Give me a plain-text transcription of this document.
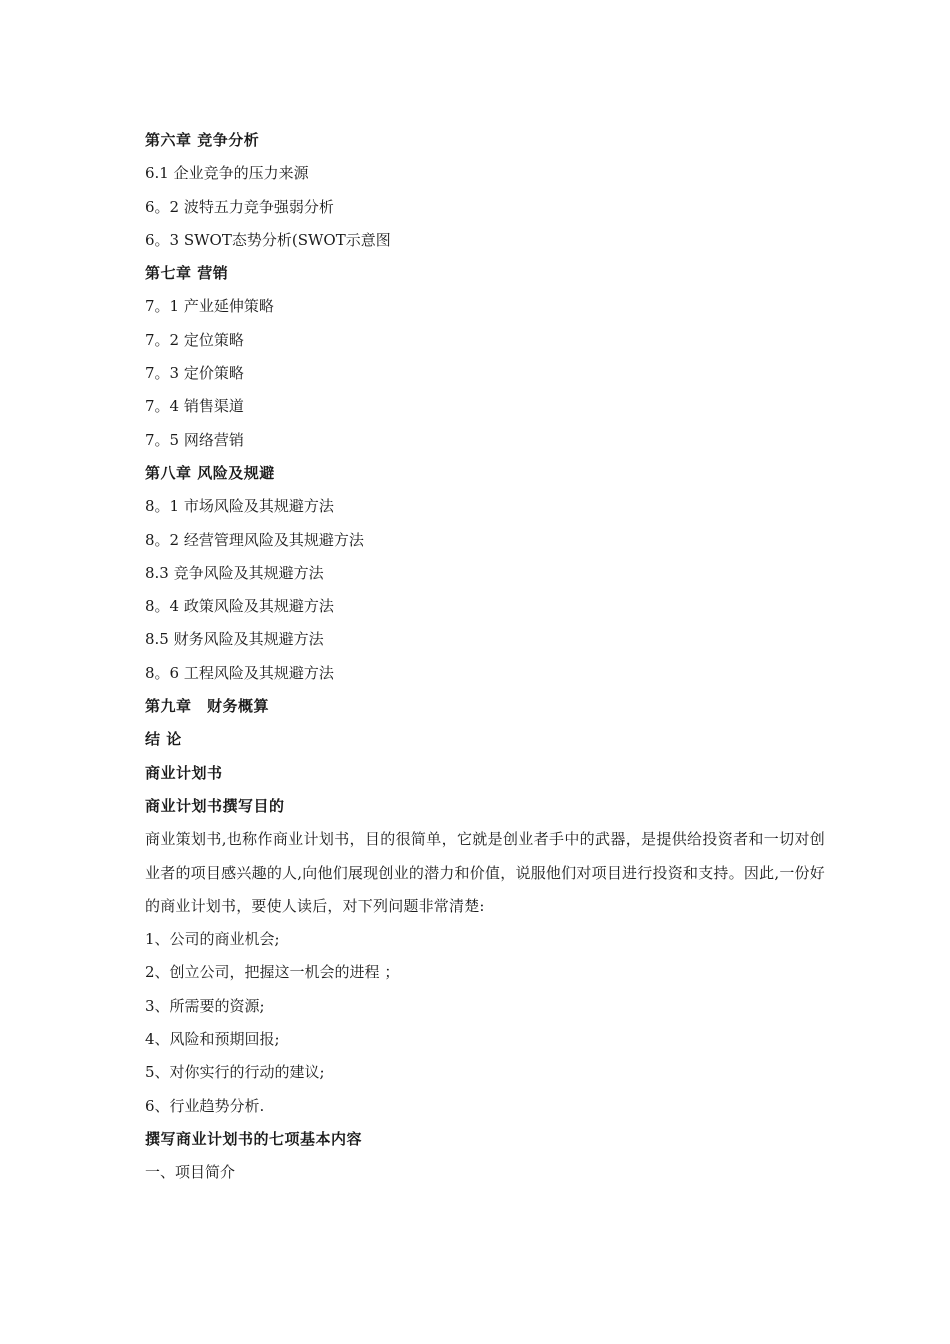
第六章 竞争分析
6.1 企业竞争的压力来源
6。2 波特五力竞争强弱分析
6。3 SWOT态势分析(SWOT示意图
第七章 营销
7。1 产业延伸策略
7。2 定位策略
7。3 定价策略
7。4 销售渠道
7。5 网络营销
第八章 风险及规避
8。1 市场风险及其规避方法
8。2 经营管理风险及其规避方法
8.3 竞争风险及其规避方法
8。4 政策风险及其规避方法
8.5 财务风险及其规避方法
8。6 工程风险及其规避方法
第九章　财务概算
结 论
商业计划书
商业计划书撰写目的
商业策划书,也称作商业计划书，目的很简单，它就是创业者手中的武器，是提供给投资者和一切对创业者的项目感兴趣的人,向他们展现创业的潜力和价值，说服他们对项目进行投资和支持。因此,一份好的商业计划书，要使人读后，对下列问题非常清楚:
1、公司的商业机会;
2、创立公司，把握这一机会的进程 ；
3、所需要的资源;
4、风险和预期回报;
5、对你实行的行动的建议;
6、行业趋势分析.
撰写商业计划书的七项基本内容
一、项目简介
